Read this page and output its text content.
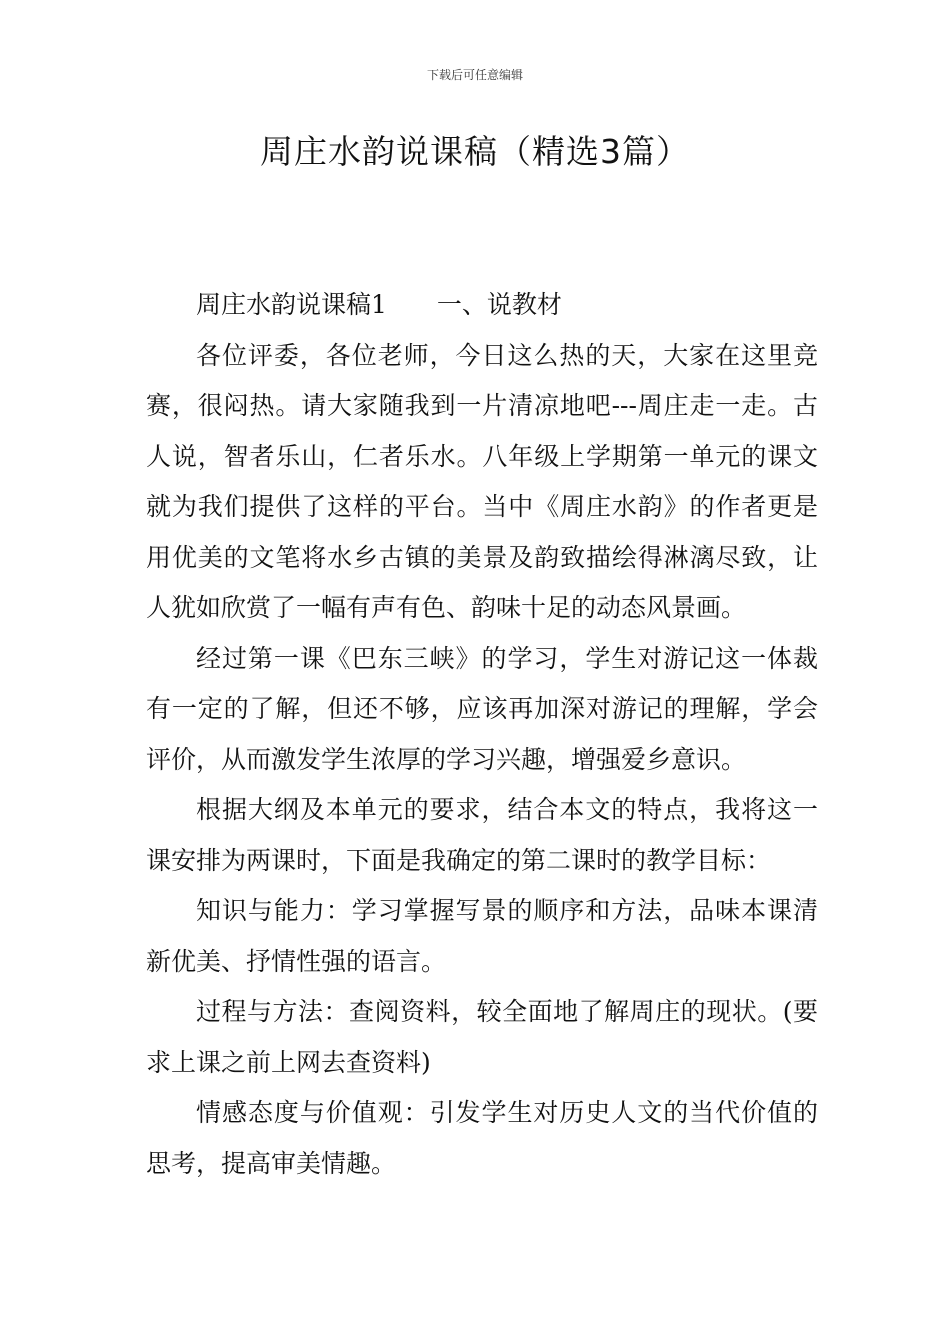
下载后可任意编辑
周庄水韵说课稿（精选3篇）

周庄水韵说课稿1 一、说教材

各位评委，各位老师，今日这么热的天，大家在这里竞赛，很闷热。请大家随我到一片清凉地吧---周庄走一走。古人说，智者乐山，仁者乐水。八年级上学期第一单元的课文就为我们提供了这样的平台。当中《周庄水韵》的作者更是用优美的文笔将水乡古镇的美景及韵致描绘得淋漓尽致，让人犹如欣赏了一幅有声有色、韵味十足的动态风景画。

经过第一课《巴东三峡》的学习，学生对游记这一体裁有一定的了解，但还不够，应该再加深对游记的理解，学会评价，从而激发学生浓厚的学习兴趣，增强爱乡意识。

根据大纲及本单元的要求，结合本文的特点，我将这一课安排为两课时，下面是我确定的第二课时的教学目标：

知识与能力：学习掌握写景的顺序和方法，品味本课清新优美、抒情性强的语言。

过程与方法：查阅资料，较全面地了解周庄的现状。(要求上课之前上网去查资料)

情感态度与价值观：引发学生对历史人文的当代价值的思考，提高审美情趣。
